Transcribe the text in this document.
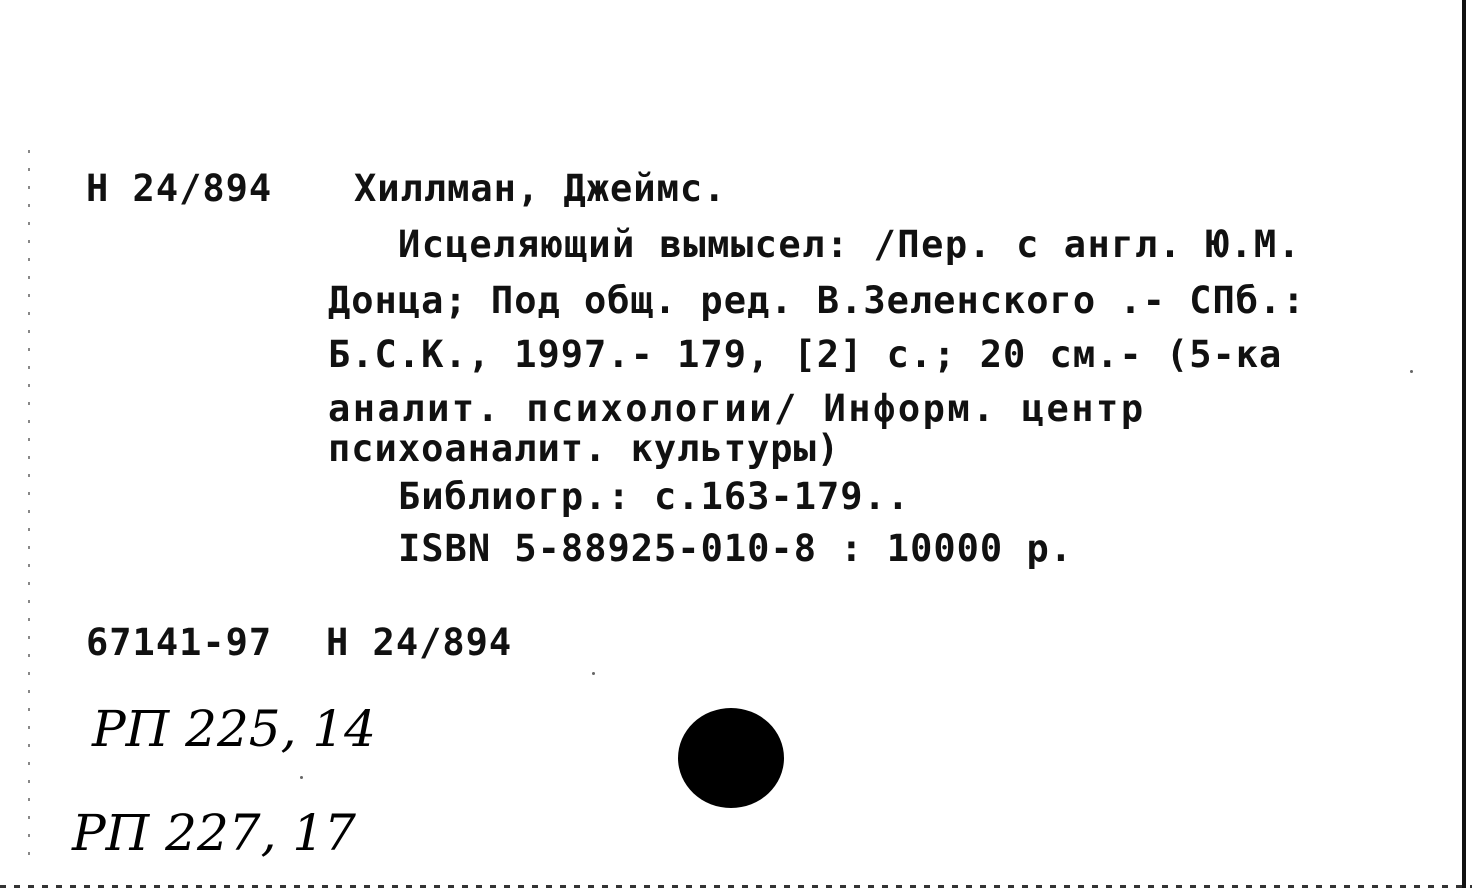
Н 24/894 Хиллман, Джеймс.
Исцеляющий вымысел: /Пер. с англ. Ю.М.
Донца; Под общ. ред. В.Зеленского .- СПб.:
Б.С.К., 1997.- 179, [2] с.; 20 см.- (5-ка
аналит. психологии/ Информ. центр
психоаналит. культуры)
Библиогр.: с.163-179..
ISBN 5-88925-010-8 : 10000 р.
67141-97 Н 24/894
РП 225, 14
РП 227, 17
